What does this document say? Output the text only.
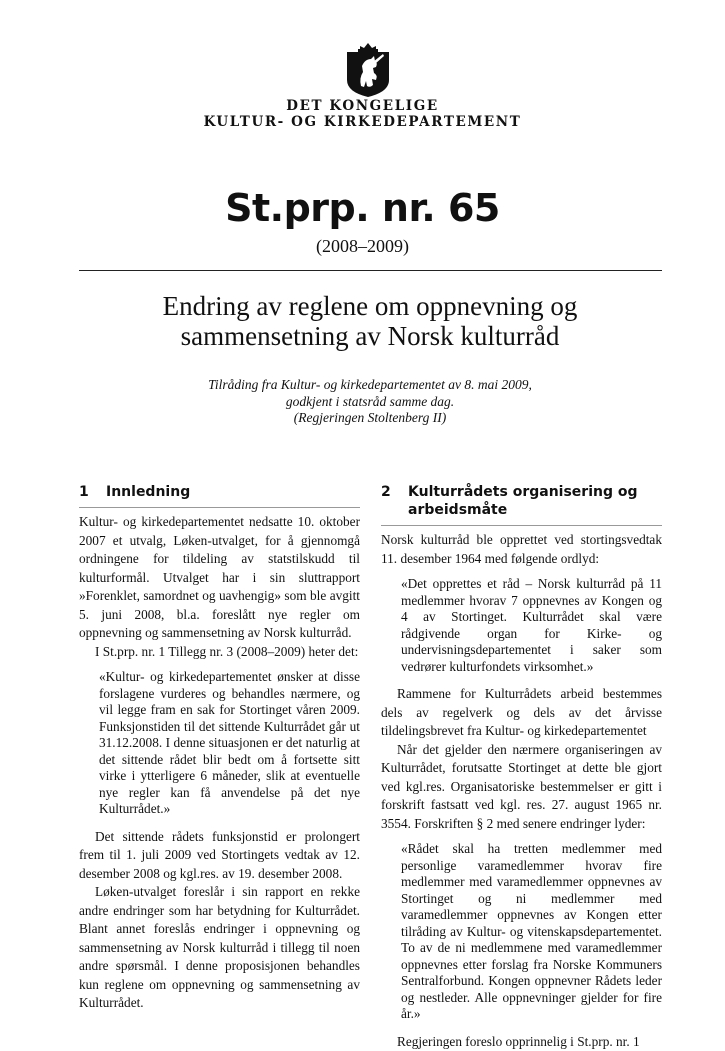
DET KONGELIGE
KULTUR- OG KIRKEDEPARTEMENT
St.prp. nr. 65
(2008–2009)
Endring av reglene om oppnevning og
sammensetning av Norsk kulturråd
Tilråding fra Kultur- og kirkedepartementet av 8. mai 2009,
godkjent i statsråd samme dag.
(Regjeringen Stoltenberg II)
1	Innledning

Kultur- og kirkedepartementet nedsatte 10. oktober 2007 et utvalg, Løken-utvalget, for å gjennomgå ordningene for tildeling av statstilskudd til kulturformål. Utvalget har i sin sluttrapport »Forenklet, samordnet og uavhengig» som ble avgitt 5. juni 2008, bl.a. foreslått nye regler om oppnevning og sammensetning av Norsk kulturråd.

I St.prp. nr. 1 Tillegg nr. 3 (2008–2009) heter det:

«Kultur- og kirkedepartementet ønsker at disse forslagene vurderes og behandles nærmere, og vil legge fram en sak for Stortinget våren 2009. Funksjonstiden til det sittende Kulturrådet går ut 31.12.2008. I denne situasjonen er det naturlig at det sittende rådet blir bedt om å fortsette sitt virke i ytterligere 6 måneder, slik at eventuelle nye regler kan få anvendelse på det nye Kulturrådet.»

Det sittende rådets funksjonstid er prolongert frem til 1. juli 2009 ved Stortingets vedtak av 12. desember 2008 og kgl.res. av 19. desember 2008.

Løken-utvalget foreslår i sin rapport en rekke andre endringer som har betydning for Kulturrådet. Blant annet foreslås endringer i oppnevning og sammensetning av Norsk kulturråd i tillegg til noen andre spørsmål. I denne proposisjonen behandles kun reglene om oppnevning og sammensetning av Kulturrådet.

2	Kulturrådets organisering og
arbeidsmåte

Norsk kulturråd ble opprettet ved stortingsvedtak 11. desember 1964 med følgende ordlyd:

«Det opprettes et råd – Norsk kulturråd på 11 medlemmer hvorav 7 oppnevnes av Kongen og 4 av Stortinget. Kulturrådet skal være rådgivende organ for Kirke- og undervisningsdepartementet i saker som vedrører kulturfondets virksomhet.»

Rammene for Kulturrådets arbeid bestemmes dels av regelverk og dels av det årvisse tildelingsbrevet fra Kultur- og kirkedepartementet

Når det gjelder den nærmere organiseringen av Kulturrådet, forutsatte Stortinget at dette ble gjort ved kgl.res. Organisatoriske bestemmelser er gitt i forskrift fastsatt ved kgl. res. 27. august 1965 nr. 3554. Forskriften § 2 med senere endringer lyder:

«Rådet skal ha tretten medlemmer med personlige varamedlemmer hvorav fire medlemmer med varamedlemmer oppnevnes av Stortinget og ni medlemmer med varamedlemmer oppnevnes av Kongen etter tilråding av Kultur- og vitenskapsdepartementet. To av de ni medlemmene med varamedlemmer oppnevnes etter forslag fra Norske Kommuners Sentralforbund. Kongen oppnevner Rådets leder og nestleder. Alle oppnevninger gjelder for fire år.»

Regjeringen foreslo opprinnelig i St.prp. nr. 1
